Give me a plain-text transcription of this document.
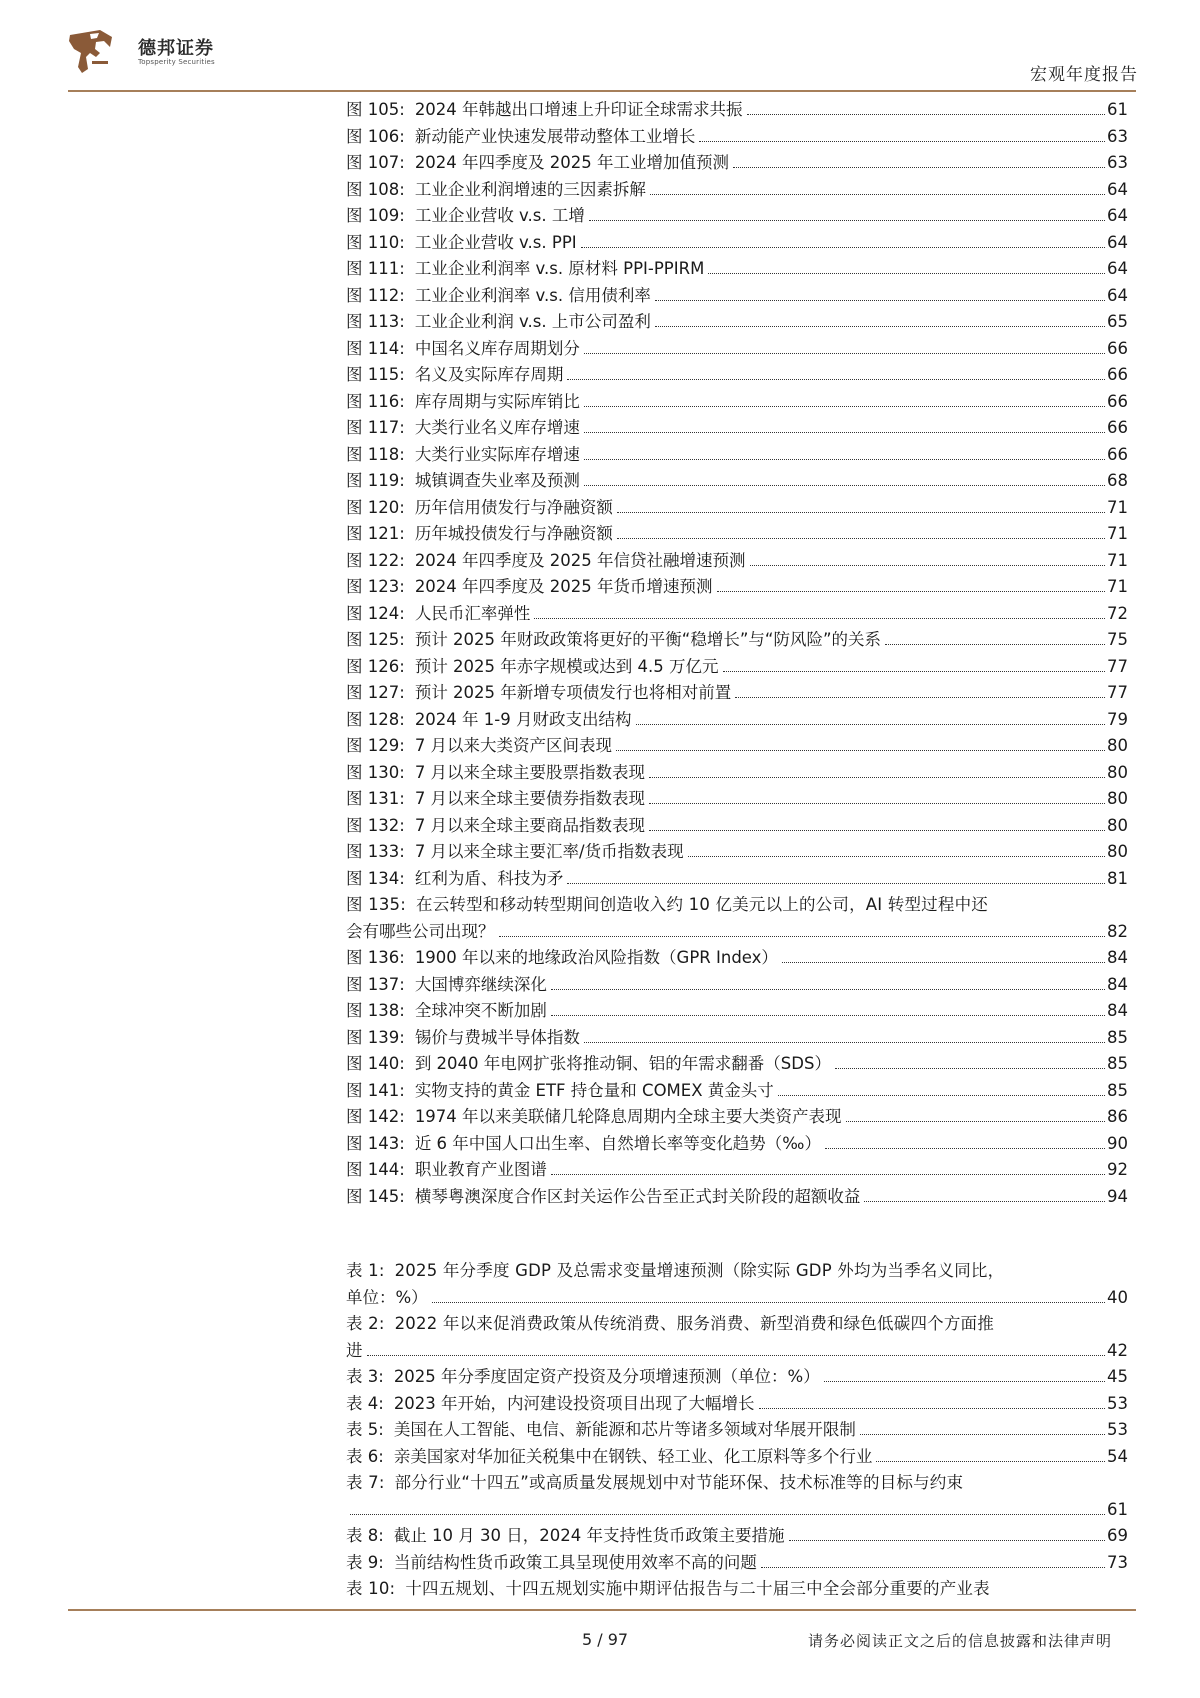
德邦证券
Topsperity Securities
宏观年度报告
图 105: 2024 年韩越出口增速上升印证全球需求共振	61
图 106: 新动能产业快速发展带动整体工业增长	63
图 107: 2024 年四季度及 2025 年工业增加值预测	63
图 108: 工业企业利润增速的三因素拆解	64
图 109: 工业企业营收 v.s. 工增	64
图 110: 工业企业营收 v.s. PPI	64
图 111: 工业企业利润率 v.s. 原材料 PPI-PPIRM	64
图 112: 工业企业利润率 v.s. 信用债利率	64
图 113: 工业企业利润 v.s. 上市公司盈利	65
图 114: 中国名义库存周期划分	66
图 115: 名义及实际库存周期	66
图 116: 库存周期与实际库销比	66
图 117: 大类行业名义库存增速	66
图 118: 大类行业实际库存增速	66
图 119: 城镇调查失业率及预测	68
图 120: 历年信用债发行与净融资额	71
图 121: 历年城投债发行与净融资额	71
图 122: 2024 年四季度及 2025 年信贷社融增速预测	71
图 123: 2024 年四季度及 2025 年货币增速预测	71
图 124: 人民币汇率弹性	72
图 125: 预计 2025 年财政政策将更好的平衡“稳增长”与“防风险”的关系	75
图 126: 预计 2025 年赤字规模或达到 4.5 万亿元	77
图 127: 预计 2025 年新增专项债发行也将相对前置	77
图 128: 2024 年 1-9 月财政支出结构	79
图 129: 7 月以来大类资产区间表现	80
图 130: 7 月以来全球主要股票指数表现	80
图 131: 7 月以来全球主要债券指数表现	80
图 132: 7 月以来全球主要商品指数表现	80
图 133: 7 月以来全球主要汇率/货币指数表现	80
图 134: 红利为盾、科技为矛	81
图 135: 在云转型和移动转型期间创造收入约 10 亿美元以上的公司，AI 转型过程中还
会有哪些公司出现？	82
图 136: 1900 年以来的地缘政治风险指数（GPR Index）	84
图 137: 大国博弈继续深化	84
图 138: 全球冲突不断加剧	84
图 139: 锡价与费城半导体指数	85
图 140: 到 2040 年电网扩张将推动铜、铝的年需求翻番（SDS）	85
图 141: 实物支持的黄金 ETF 持仓量和 COMEX 黄金头寸	85
图 142: 1974 年以来美联储几轮降息周期内全球主要大类资产表现	86
图 143: 近 6 年中国人口出生率、自然增长率等变化趋势（‰）	90
图 144: 职业教育产业图谱	92
图 145: 横琴粤澳深度合作区封关运作公告至正式封关阶段的超额收益	94
表 1: 2025 年分季度 GDP 及总需求变量增速预测（除实际 GDP 外均为当季名义同比，
单位：%）	40
表 2: 2022 年以来促消费政策从传统消费、服务消费、新型消费和绿色低碳四个方面推
进	42
表 3: 2025 年分季度固定资产投资及分项增速预测（单位：%）	45
表 4: 2023 年开始，内河建设投资项目出现了大幅增长	53
表 5: 美国在人工智能、电信、新能源和芯片等诸多领域对华展开限制	53
表 6: 亲美国家对华加征关税集中在钢铁、轻工业、化工原料等多个行业	54
表 7: 部分行业“十四五”或高质量发展规划中对节能环保、技术标准等的目标与约束
61
表 8: 截止 10 月 30 日，2024 年支持性货币政策主要措施	69
表 9: 当前结构性货币政策工具呈现使用效率不高的问题	73
表 10: 十四五规划、十四五规划实施中期评估报告与二十届三中全会部分重要的产业表
5 / 97	请务必阅读正文之后的信息披露和法律声明
